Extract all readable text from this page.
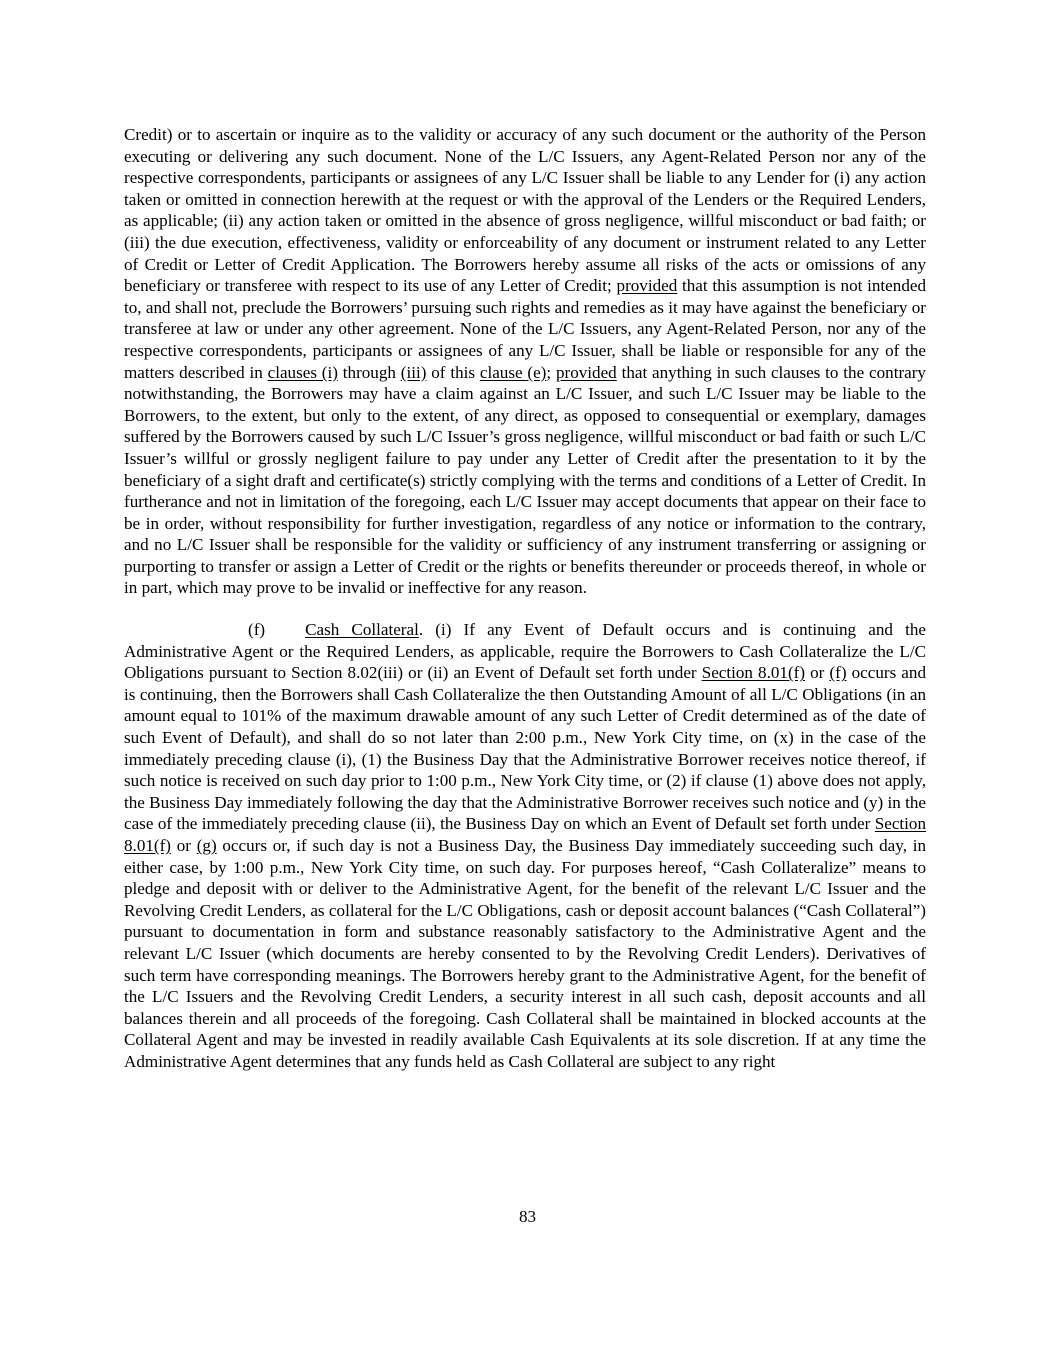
Credit) or to ascertain or inquire as to the validity or accuracy of any such document or the authority of the Person executing or delivering any such document. None of the L/C Issuers, any Agent-Related Person nor any of the respective correspondents, participants or assignees of any L/C Issuer shall be liable to any Lender for (i) any action taken or omitted in connection herewith at the request or with the approval of the Lenders or the Required Lenders, as applicable; (ii) any action taken or omitted in the absence of gross negligence, willful misconduct or bad faith; or (iii) the due execution, effectiveness, validity or enforceability of any document or instrument related to any Letter of Credit or Letter of Credit Application. The Borrowers hereby assume all risks of the acts or omissions of any beneficiary or transferee with respect to its use of any Letter of Credit; provided that this assumption is not intended to, and shall not, preclude the Borrowers’ pursuing such rights and remedies as it may have against the beneficiary or transferee at law or under any other agreement. None of the L/C Issuers, any Agent-Related Person, nor any of the respective correspondents, participants or assignees of any L/C Issuer, shall be liable or responsible for any of the matters described in clauses (i) through (iii) of this clause (e); provided that anything in such clauses to the contrary notwithstanding, the Borrowers may have a claim against an L/C Issuer, and such L/C Issuer may be liable to the Borrowers, to the extent, but only to the extent, of any direct, as opposed to consequential or exemplary, damages suffered by the Borrowers caused by such L/C Issuer’s gross negligence, willful misconduct or bad faith or such L/C Issuer’s willful or grossly negligent failure to pay under any Letter of Credit after the presentation to it by the beneficiary of a sight draft and certificate(s) strictly complying with the terms and conditions of a Letter of Credit. In furtherance and not in limitation of the foregoing, each L/C Issuer may accept documents that appear on their face to be in order, without responsibility for further investigation, regardless of any notice or information to the contrary, and no L/C Issuer shall be responsible for the validity or sufficiency of any instrument transferring or assigning or purporting to transfer or assign a Letter of Credit or the rights or benefits thereunder or proceeds thereof, in whole or in part, which may prove to be invalid or ineffective for any reason.

(f) Cash Collateral. (i) If any Event of Default occurs and is continuing and the Administrative Agent or the Required Lenders, as applicable, require the Borrowers to Cash Collateralize the L/C Obligations pursuant to Section 8.02(iii) or (ii) an Event of Default set forth under Section 8.01(f) or (f) occurs and is continuing, then the Borrowers shall Cash Collateralize the then Outstanding Amount of all L/C Obligations (in an amount equal to 101% of the maximum drawable amount of any such Letter of Credit determined as of the date of such Event of Default), and shall do so not later than 2:00 p.m., New York City time, on (x) in the case of the immediately preceding clause (i), (1) the Business Day that the Administrative Borrower receives notice thereof, if such notice is received on such day prior to 1:00 p.m., New York City time, or (2) if clause (1) above does not apply, the Business Day immediately following the day that the Administrative Borrower receives such notice and (y) in the case of the immediately preceding clause (ii), the Business Day on which an Event of Default set forth under Section 8.01(f) or (g) occurs or, if such day is not a Business Day, the Business Day immediately succeeding such day, in either case, by 1:00 p.m., New York City time, on such day. For purposes hereof, “Cash Collateralize” means to pledge and deposit with or deliver to the Administrative Agent, for the benefit of the relevant L/C Issuer and the Revolving Credit Lenders, as collateral for the L/C Obligations, cash or deposit account balances (“Cash Collateral”) pursuant to documentation in form and substance reasonably satisfactory to the Administrative Agent and the relevant L/C Issuer (which documents are hereby consented to by the Revolving Credit Lenders). Derivatives of such term have corresponding meanings. The Borrowers hereby grant to the Administrative Agent, for the benefit of the L/C Issuers and the Revolving Credit Lenders, a security interest in all such cash, deposit accounts and all balances therein and all proceeds of the foregoing. Cash Collateral shall be maintained in blocked accounts at the Collateral Agent and may be invested in readily available Cash Equivalents at its sole discretion. If at any time the Administrative Agent determines that any funds held as Cash Collateral are subject to any right

83
